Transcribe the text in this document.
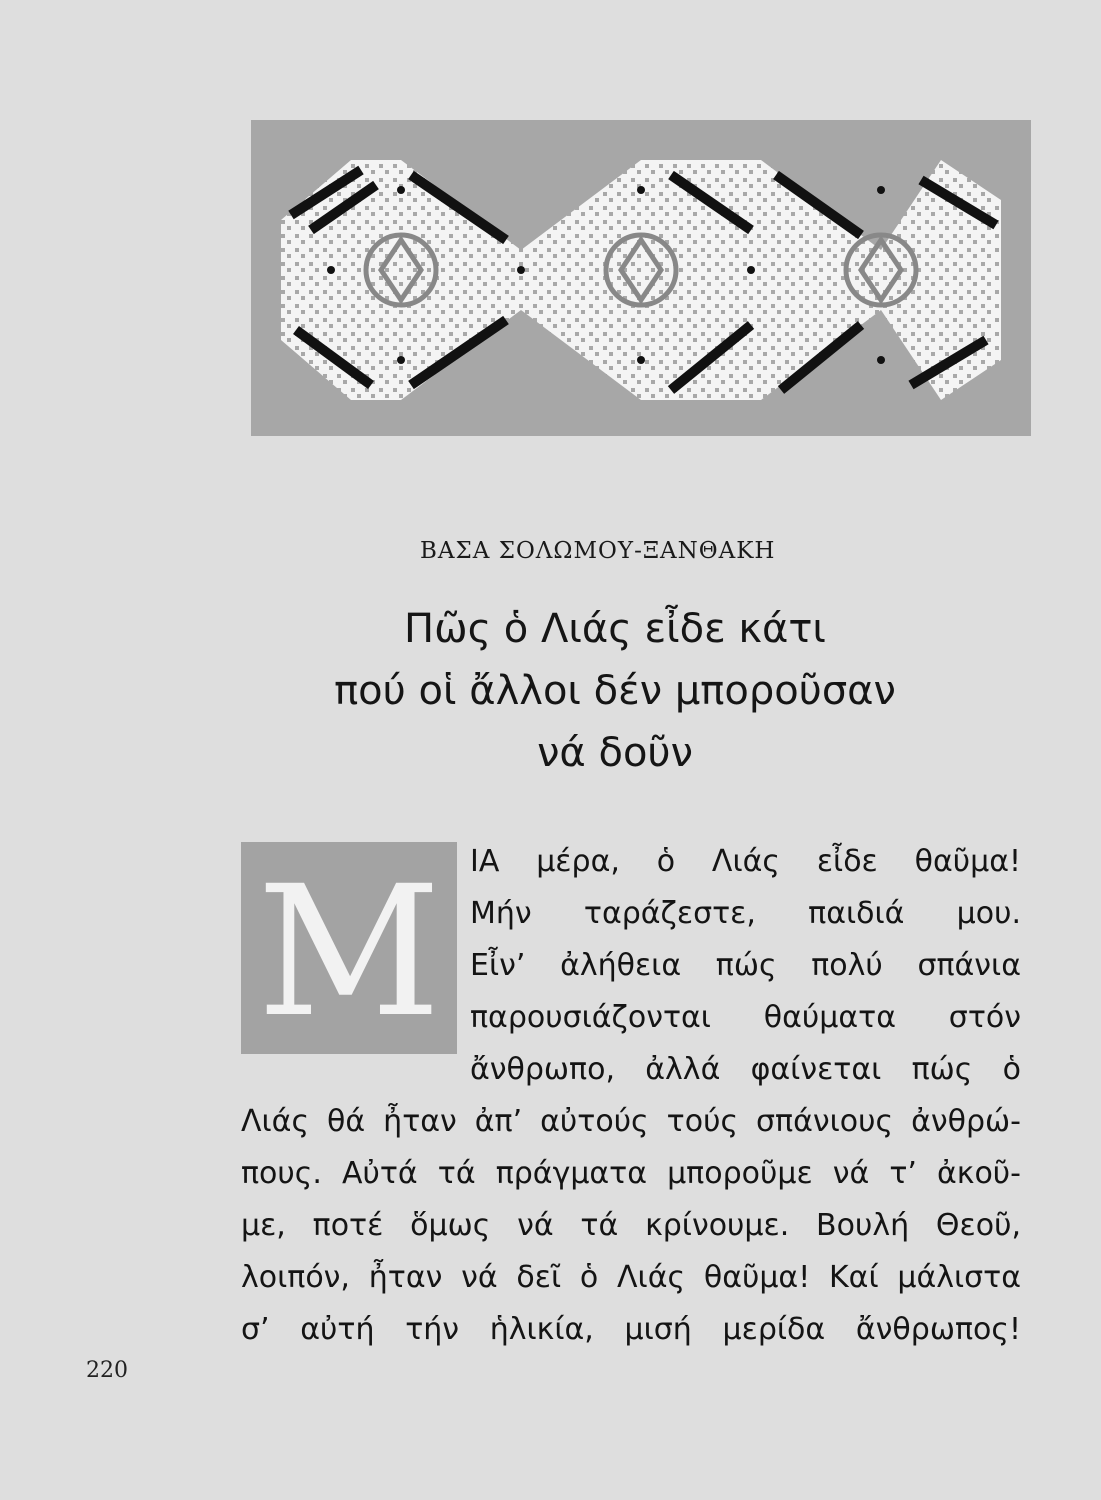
ΒΑΣΑ ΣΟΛΩΜΟΥ-ΞΑΝΘΑΚΗ
Πῶς ὁ Λιάς εἶδε κάτι
πού οἱ ἄλλοι δέν μποροῦσαν
νά δοῦν
M ΙΑ μέρα, ὁ Λιάς εἶδε θαῦμα!
Μήν ταράζεστε, παιδιά μου.
Εἶν’ ἀλήθεια πώς πολύ σπάνια
παρουσιάζονται θαύματα στόν
ἄνθρωπο, ἀλλά φαίνεται πώς ὁ
Λιάς θά ἦταν ἀπ’ αὐτούς τούς σπάνιους ἀνθρώ-
πους. Αὐτά τά πράγματα μποροῦμε νά τ’ ἀκοῦ-
με, ποτέ ὅμως νά τά κρίνουμε. Βουλή Θεοῦ,
λοιπόν, ἦταν νά δεῖ ὁ Λιάς θαῦμα! Καί μάλιστα
σ’ αὐτή τήν ἡλικία, μισή μερίδα ἄνθρωπος!
220
